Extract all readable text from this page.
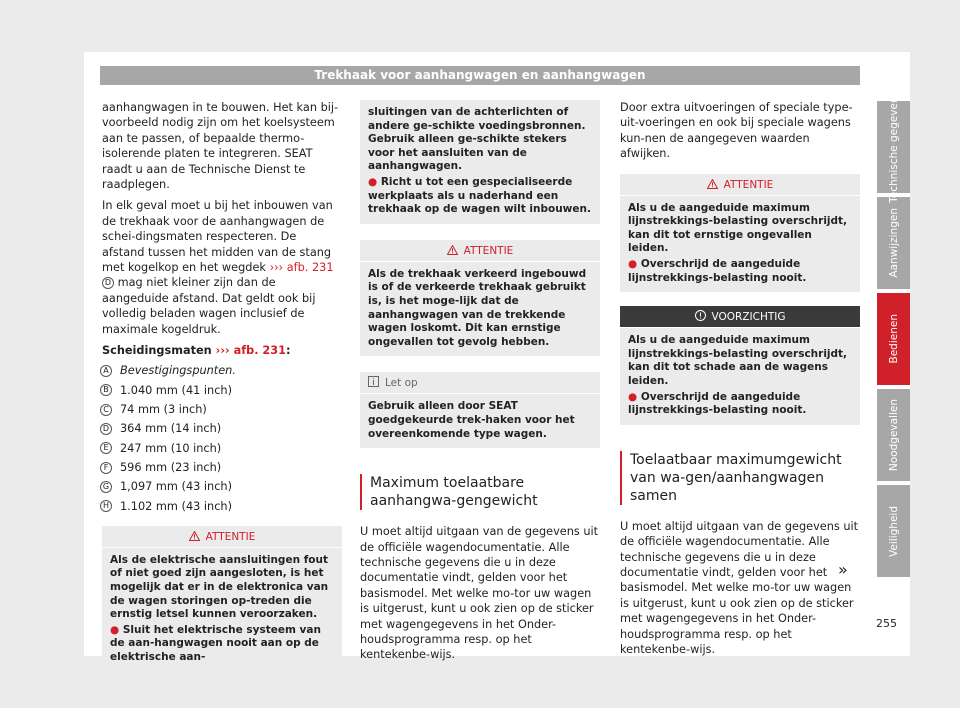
Trekhaak voor aanhangwagen en aanhangwagen

aanhangwagen in te bouwen. Het kan bij-voorbeeld nodig zijn om het koelsysteem aan te passen, of bepaalde thermo-isolerende platen te integreren. SEAT raadt u aan de Technische Dienst te raadplegen.

In elk geval moet u bij het inbouwen van de trekhaak voor de aanhangwagen de schei-dingsmaten respecteren. De afstand tussen het midden van de stang met kogelkop en het wegdek ››› afb. 231 D mag niet kleiner zijn dan de aangeduide afstand. Dat geldt ook bij volledig beladen wagen inclusief de maximale kogeldruk.

Scheidingsmaten ››› afb. 231:

A Bevestigingspunten.
B 1.040 mm (41 inch)
C 74 mm (3 inch)
D 364 mm (14 inch)
E	247 mm (10 inch)
F	596 mm (23 inch)
G 1,097 mm (43 inch)
H 1.102 mm (43 inch)
ATTENTIE
Als de elektrische aansluitingen fout of niet goed zijn aangesloten, is het mogelijk dat er in de elektronica van de wagen storingen op-treden die ernstig letsel kunnen veroorzaken.
● Sluit het elektrische systeem van de aan-hangwagen nooit aan op de elektrische aan-
sluitingen van de achterlichten of andere ge-schikte voedingsbronnen. Gebruik alleen ge-schikte stekers voor het aansluiten van de aanhangwagen.
● Richt u tot een gespecialiseerde werkplaats als u naderhand een trekhaak op de wagen wilt inbouwen.
ATTENTIE
Als de trekhaak verkeerd ingebouwd is of de verkeerde trekhaak gebruikt is, is het moge-lijk dat de aanhangwagen van de trekkende wagen loskomt. Dit kan ernstige ongevallen tot gevolg hebben.
Let op
Gebruik alleen door SEAT goedgekeurde trek-haken voor het overeenkomende type wagen.
Maximum toelaatbare aanhangwa-gengewicht

U moet altijd uitgaan van de gegevens uit de officiële wagendocumentatie. Alle technische gegevens die u in deze documentatie vindt, gelden voor het basismodel. Met welke mo-tor uw wagen is uitgerust, kunt u ook zien op de sticker met wagengegevens in het Onder-houdsprogramma resp. op het kentekenbe-wijs.

Door extra uitvoeringen of speciale type-uit-voeringen en ook bij speciale wagens kun-nen de aangegeven waarden afwijken.

ATTENTIE
Als u de aangeduide maximum lijnstrekkings-belasting overschrijdt, kan dit tot ernstige ongevallen leiden.
● Overschrijd de aangeduide lijnstrekkings-belasting nooit.
VOORZICHTIG
Als u de aangeduide maximum lijnstrekkings-belasting overschrijdt, kan dit tot schade aan de wagens leiden.
● Overschrijd de aangeduide lijnstrekkings-belasting nooit.
Toelaatbaar maximumgewicht van wa-gen/aanhangwagen samen

U moet altijd uitgaan van de gegevens uit de officiële wagendocumentatie. Alle technische gegevens die u in deze documentatie vindt, gelden voor het basismodel. Met welke mo-tor uw wagen is uitgerust, kunt u ook zien op de sticker met wagengegevens in het Onder-houdsprogramma resp. op het kentekenbe-wijs.

»
Technische gegevens
Aanwijzingen
Bedienen
Noodgevallen
Veiligheid
255
